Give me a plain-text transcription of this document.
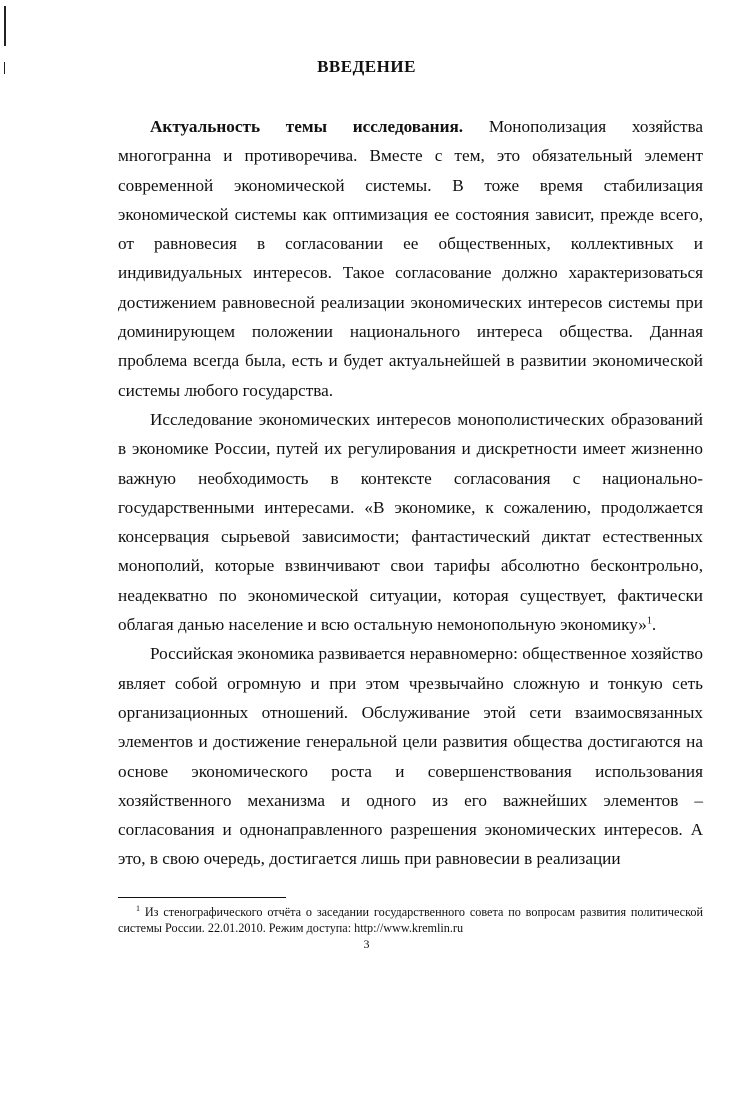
ВВЕДЕНИЕ

Актуальность темы исследования. Монополизация хозяйства многогранна и противоречива. Вместе с тем, это обязательный элемент современной экономической системы. В тоже время стабилизация экономической системы как оптимизация ее состояния зависит, прежде всего, от равновесия в согласовании ее общественных, коллективных и индивидуальных интересов. Такое согласование должно характеризоваться достижением равновесной реализации экономических интересов системы при доминирующем положении национального интереса общества. Данная проблема всегда была, есть и будет актуальнейшей в развитии экономической системы любого государства.

Исследование экономических интересов монополистических образований в экономике России, путей их регулирования и дискретности имеет жизненно важную необходимость в контексте согласования с национально-государственными интересами. «В экономике, к сожалению, продолжается консервация сырьевой зависимости; фантастический диктат естественных монополий, которые взвинчивают свои тарифы абсолютно бесконтрольно, неадекватно по экономической ситуации, которая существует, фактически облагая данью население и всю остальную немонопольную экономику»$^1$.

Российская экономика развивается неравномерно: общественное хозяйство являет собой огромную и при этом чрезвычайно сложную и тонкую сеть организационных отношений. Обслуживание этой сети взаимосвязанных элементов и достижение генеральной цели развития общества достигаются на основе экономического роста и совершенствования использования хозяйственного механизма и одного из его важнейших элементов – согласования и однонаправленного разрешения экономических интересов. А это, в свою очередь, достигается лишь при равновесии в реализации

$^1$ Из стенографического отчёта о заседании государственного совета по вопросам развития политической системы России. 22.01.2010. Режим доступа: http://www.kremlin.ru

3
